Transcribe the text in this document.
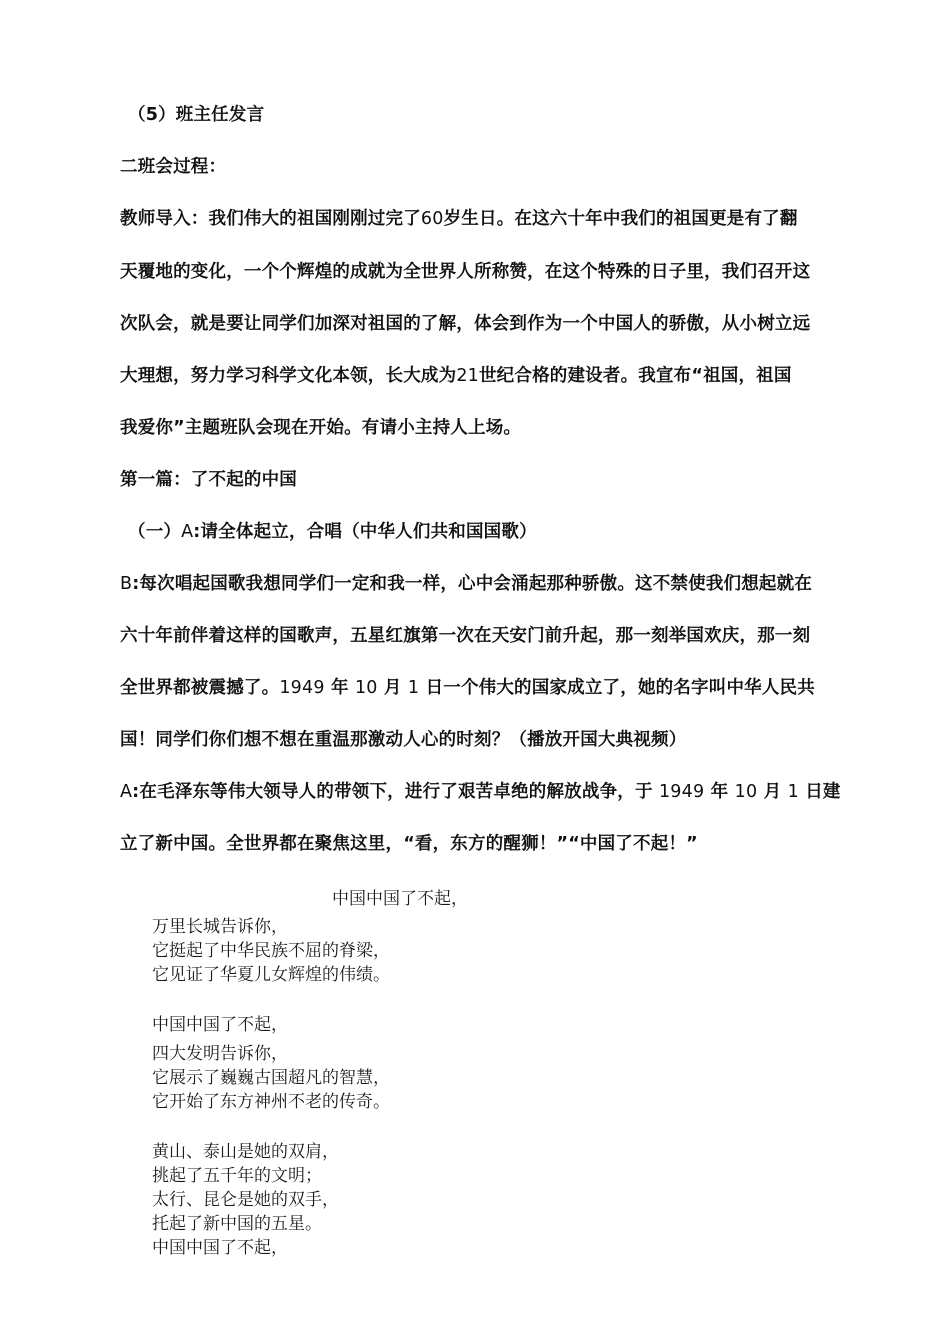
（5）班主任发言
二班会过程：
教师导入：我们伟大的祖国刚刚过完了60岁生日。在这六十年中我们的祖国更是有了翻
天覆地的变化，一个个辉煌的成就为全世界人所称赞，在这个特殊的日子里，我们召开这
次队会，就是要让同学们加深对祖国的了解，体会到作为一个中国人的骄傲，从小树立远
大理想，努力学习科学文化本领，长大成为21世纪合格的建设者。我宣布“祖国，祖国
我爱你”主题班队会现在开始。有请小主持人上场。
第一篇：了不起的中国
（一）A:请全体起立，合唱（中华人们共和国国歌）
B:每次唱起国歌我想同学们一定和我一样，心中会涌起那种骄傲。这不禁使我们想起就在
六十年前伴着这样的国歌声，五星红旗第一次在天安门前升起，那一刻举国欢庆，那一刻
全世界都被震撼了。1949 年 10 月 1 日一个伟大的国家成立了，她的名字叫中华人民共
国！同学们你们想不想在重温那激动人心的时刻？（播放开国大典视频）
A:在毛泽东等伟大领导人的带领下，进行了艰苦卓绝的解放战争，于 1949 年 10 月 1 日建
立了新中国。全世界都在聚焦这里，“看，东方的醒狮！”“中国了不起！”
中国中国了不起，
万里长城告诉你，
它挺起了中华民族不屈的脊梁，
它见证了华夏儿女辉煌的伟绩。
中国中国了不起，
四大发明告诉你，
它展示了巍巍古国超凡的智慧，
它开始了东方神州不老的传奇。
黄山、泰山是她的双肩，
挑起了五千年的文明；
太行、昆仑是她的双手，
托起了新中国的五星。
中国中国了不起，
